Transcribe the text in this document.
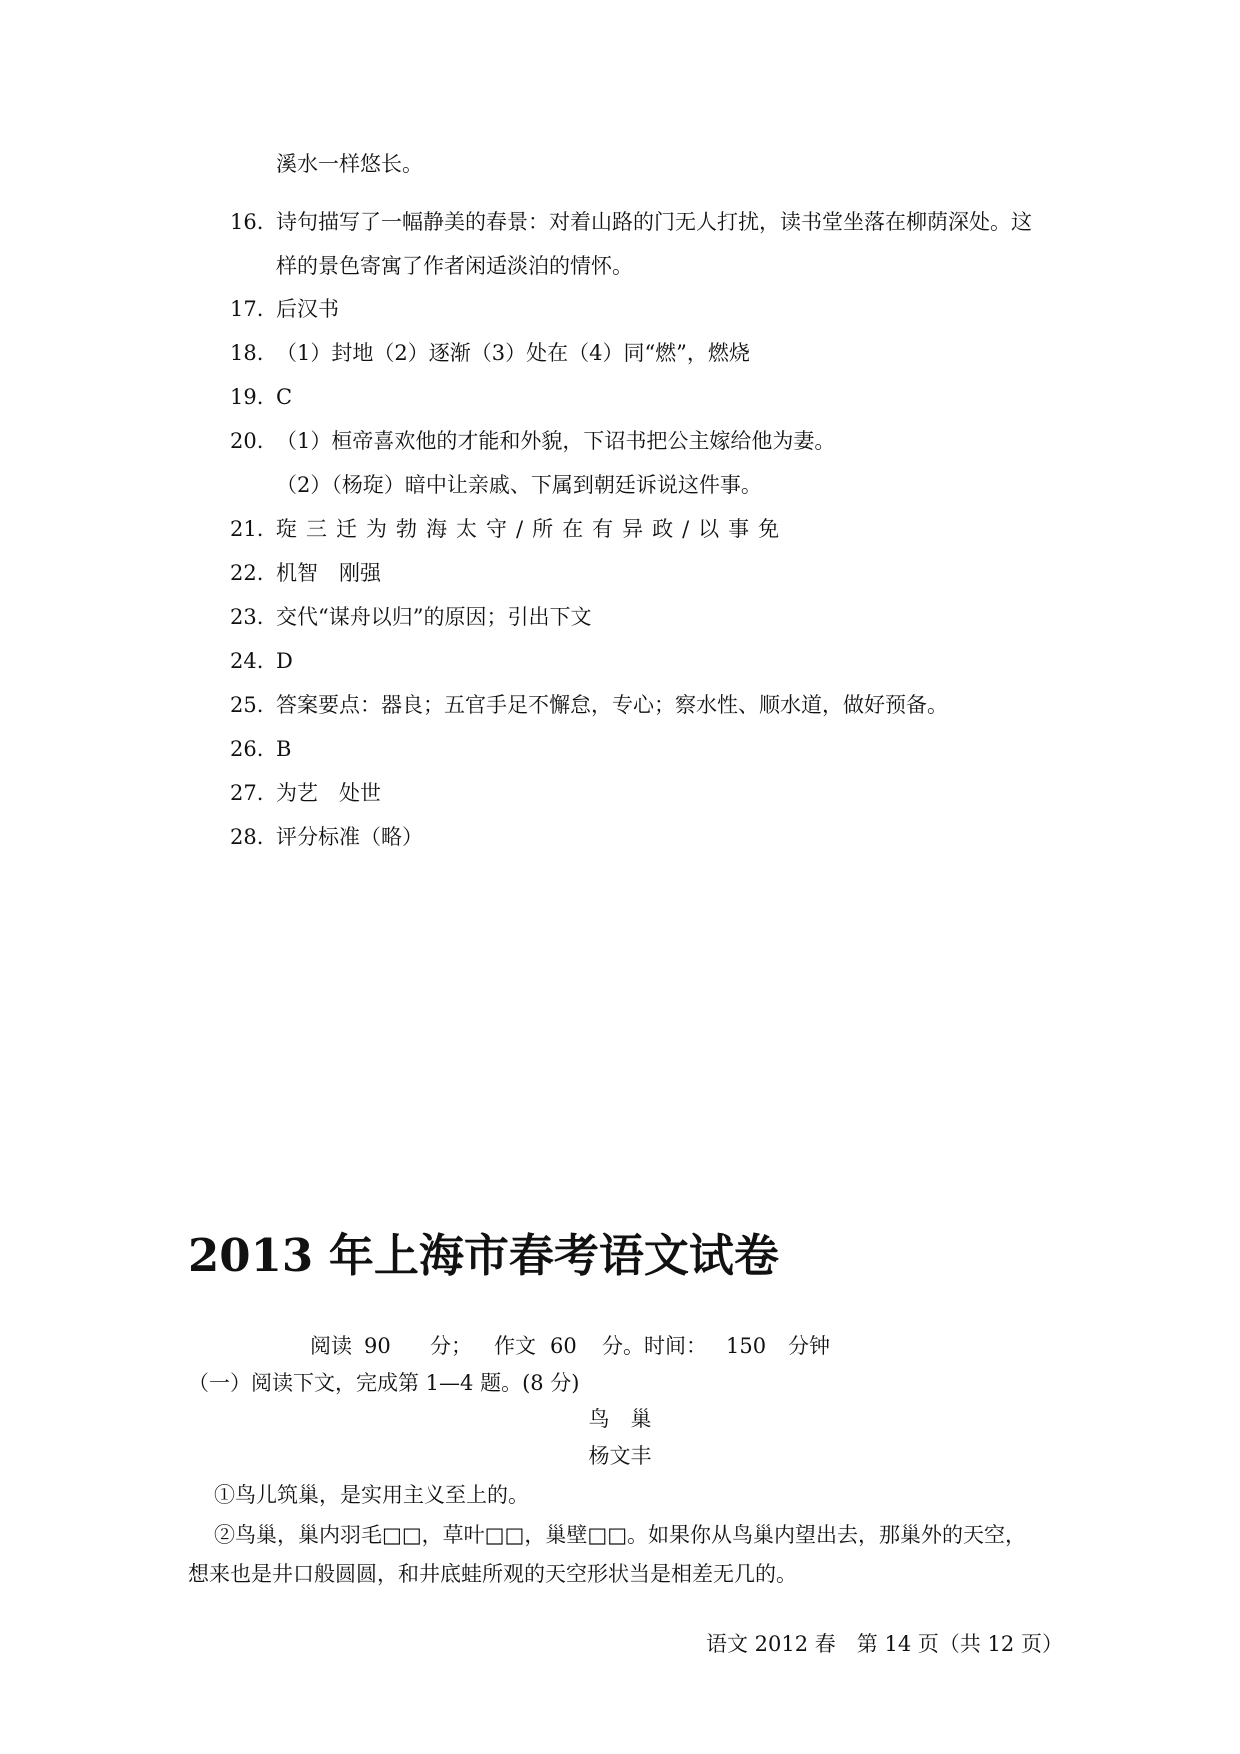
溪水一样悠长。
16. 诗句描写了一幅静美的春景：对着山路的门无人打扰，读书堂坐落在柳荫深处。这
样的景色寄寓了作者闲适淡泊的情怀。
17. 后汉书
18. （1）封地（2）逐渐（3）处在（4）同“燃”，燃烧
19. C
20. （1）桓帝喜欢他的才能和外貌，下诏书把公主嫁给他为妻。
（2）（杨琁）暗中让亲戚、下属到朝廷诉说这件事。
21. 琁三迁为勃海太守/所在有异政/以事免
22. 机智　刚强
23. 交代“谋舟以归”的原因；引出下文
24. D
25. 答案要点：器良；五官手足不懈怠，专心；察水性、顺水道，做好预备。
26. B
27. 为艺　处世
28. 评分标准（略）
2013 年上海市春考语文试卷
阅读 90 分； 作文 60 分。时间： 150 分钟
（一）阅读下文，完成第 1—4 题。(8 分)
鸟　巢
杨文丰
①鸟儿筑巢，是实用主义至上的。
②鸟巢，巢内羽毛□□，草叶□□，巢壁□□。如果你从鸟巢内望出去，那巢外的天空，
想来也是井口般圆圆，和井底蛙所观的天空形状当是相差无几的。
语文 2012 春　第 14 页（共 12 页）
